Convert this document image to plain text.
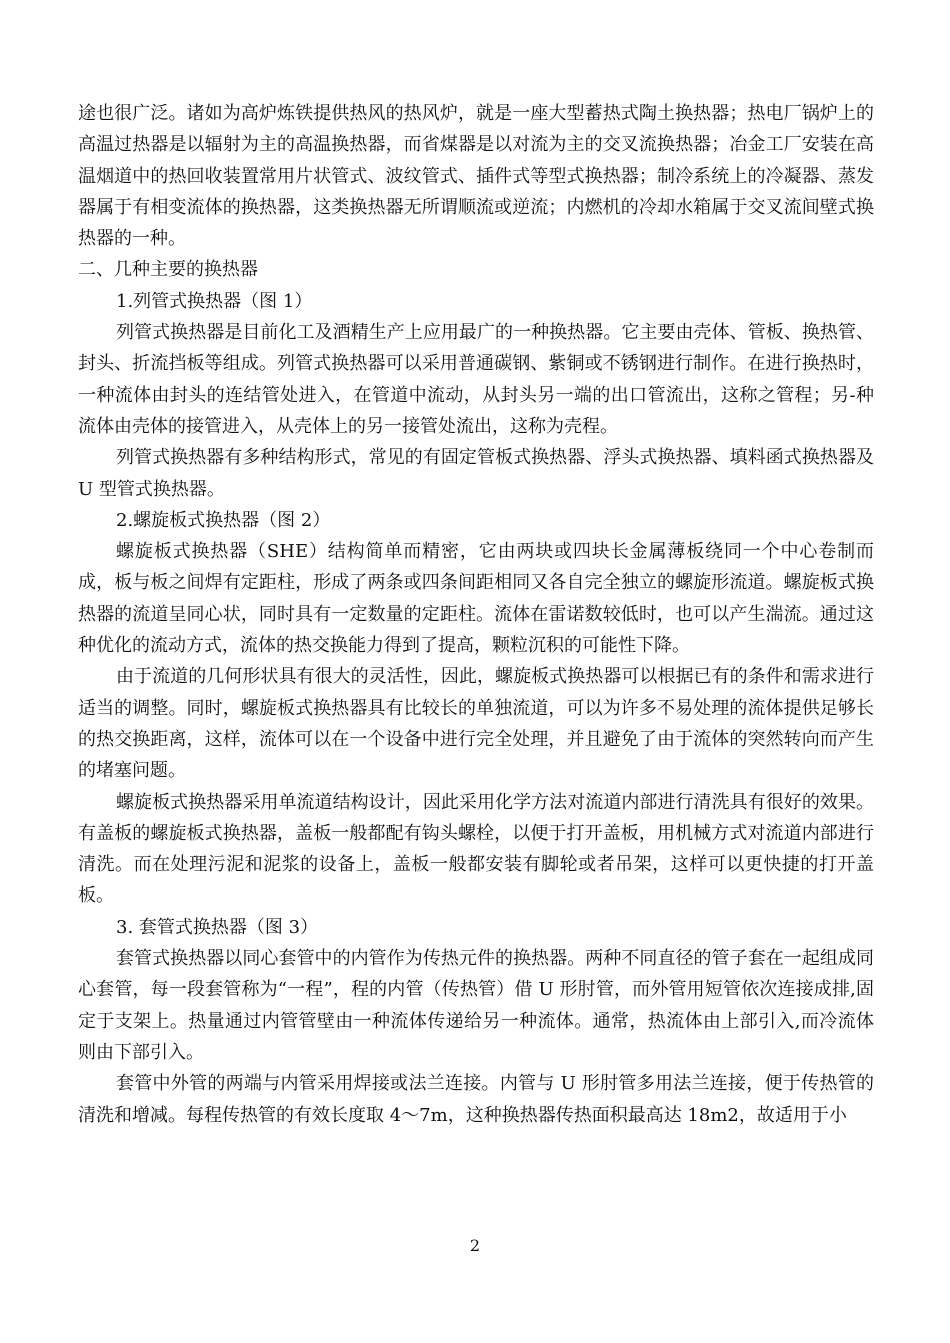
途也很广泛。诸如为高炉炼铁提供热风的热风炉，就是一座大型蓄热式陶土换热器；热电厂锅炉上的高温过热器是以辐射为主的高温换热器，而省煤器是以对流为主的交叉流换热器；冶金工厂安装在高温烟道中的热回收装置常用片状管式、波纹管式、插件式等型式换热器；制冷系统上的冷凝器、蒸发器属于有相变流体的换热器，这类换热器无所谓顺流或逆流；内燃机的冷却水箱属于交叉流间壁式换热器的一种。

二、几种主要的换热器

1.列管式换热器（图 1）

列管式换热器是目前化工及酒精生产上应用最广的一种换热器。它主要由壳体、管板、换热管、封头、折流挡板等组成。列管式换热器可以采用普通碳钢、紫铜或不锈钢进行制作。在进行换热时，一种流体由封头的连结管处进入，在管道中流动，从封头另一端的出口管流出，这称之管程；另-种流体由壳体的接管进入，从壳体上的另一接管处流出，这称为壳程。

列管式换热器有多种结构形式，常见的有固定管板式换热器、浮头式换热器、填料函式换热器及 U 型管式换热器。

2.螺旋板式换热器（图 2）

螺旋板式换热器（SHE）结构简单而精密，它由两块或四块长金属薄板绕同一个中心卷制而成，板与板之间焊有定距柱，形成了两条或四条间距相同又各自完全独立的螺旋形流道。螺旋板式换热器的流道呈同心状，同时具有一定数量的定距柱。流体在雷诺数较低时，也可以产生湍流。通过这种优化的流动方式，流体的热交换能力得到了提高，颗粒沉积的可能性下降。

由于流道的几何形状具有很大的灵活性，因此，螺旋板式换热器可以根据已有的条件和需求进行适当的调整。同时，螺旋板式换热器具有比较长的单独流道，可以为许多不易处理的流体提供足够长的热交换距离，这样，流体可以在一个设备中进行完全处理，并且避免了由于流体的突然转向而产生的堵塞问题。

螺旋板式换热器采用单流道结构设计，因此采用化学方法对流道内部进行清洗具有很好的效果。有盖板的螺旋板式换热器，盖板一般都配有钩头螺栓，以便于打开盖板，用机械方式对流道内部进行清洗。而在处理污泥和泥浆的设备上，盖板一般都安装有脚轮或者吊架，这样可以更快捷的打开盖板。

3. 套管式换热器（图 3）

套管式换热器以同心套管中的内管作为传热元件的换热器。两种不同直径的管子套在一起组成同心套管，每一段套管称为“一程”，程的内管（传热管）借 U 形肘管，而外管用短管依次连接成排,固定于支架上。热量通过内管管壁由一种流体传递给另一种流体。通常，热流体由上部引入,而冷流体则由下部引入。

套管中外管的两端与内管采用焊接或法兰连接。内管与 U 形肘管多用法兰连接，便于传热管的清洗和增减。每程传热管的有效长度取 4～7m，这种换热器传热面积最高达 18m2，故适用于小

2
